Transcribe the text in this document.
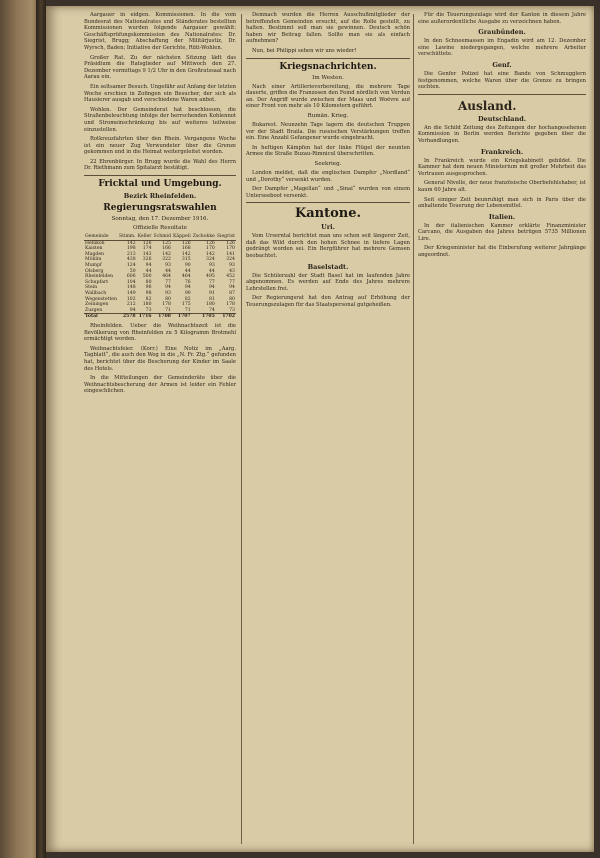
Aargauer in eidgen. Kommissionen. In die vom Bundesrat des Nationalrates und Ständerates bestellten Kommissionen wurden folgende Aargauer gewählt: Geschäftsprüfungskommission des Nationalrates: Dr. Siegrist, Brugg; Abschaffung der Militärjustiz, Dr. Wyrsch, Baden; Initiative der Gerichte, Rüti-Wohlen.

Großer Rat. Zu der nächsten Sitzung lädt das Präsidium die Ratsglieder auf Mittwoch den 27. Dezember vormittags 9 1/2 Uhr in den Großratssaal nach Aarau ein.

Ein seltsamer Besuch. Ungefähr auf Anfang der letzten Woche erschien in Zofingen ein Besucher, der sich als Hausierer ausgab und verschiedene Waren anbot.

Wohlen. Der Gemeinderat hat beschlossen, die Straßenbeleuchtung infolge der herrschenden Kohlennot und Stromeinschränkung bis auf weiteres teilweise einzustellen.

Rotkreuzfahrten über den Rhein. Vergangene Woche ist ein neuer Zug Verwundeter über die Grenze gekommen und in die Heimat weitergeleitet worden.

22 Ehrenbürger. In Brugg wurde die Wahl des Herrn Dr. Riethmann zum Spitalarzt bestätigt.

Fricktal und Umgebung.
Bezirk Rheinfelden.
Regierungsratswahlen
Sonntag, den 17. Dezember 1916.
Offizielle Resultate
Gemeinde	Stimm.	Keller	Schmid	Käppeli	Zschokke	Siegrist		
Hellikon	142	126	125	126	126	126		
Kaisten	198	174	166	168	170	170		
Magden	213	143	142	142	142	141		
Möhlin	438	326	322	315	324	324		
Mumpf	124	94	93	90	93	93		
Olsberg	50	44	44	44	44	43		
Rheinfelden	606	500	464	464	495	452		
Schupfart	104	80	77	76	77	77		
Stein	148	96	94	94	94	94		
Wallbach	149	98	93	90	91	87		
Wegenstetten	102	82	80	82	81	80		
Zeiningen	212	180	178	175	180	178		
Zuzgen	94	73	71	71	74	73		
Total	2578	1716	1708	1707	1705	1702		

Rheinfelden. Ueber die Weihnachtszeit ist die Bevölkerung von Rheinfelden zu 5 Kilogramm Brotmehl ermächtigt worden.

Weihnachtsfeier. (Korr.) Eine Notiz im „Aarg. Tagblatt“, die auch den Weg in die „N. Fr. Ztg.“ gefunden hat, berichtet über die Bescherung der Kinder im Saale des Hotels.

In die Mitteilungen der Gemeinderäte über die Weihnachtsbescherung der Armen ist leider ein Fehler eingeschlichen.

Demnach wurden die Herren Ausschußmitglieder der betreffenden Gemeinden ersucht, auf die Rolle gestellt, zu halten. Bestimmt soll man sie gewinnen. Deutsch schön haben wir Beitrag fallen. Sollte man sie als einfach aufnehmen?

Nun, bei Philippi sehen wir uns wieder!

Kriegsnachrichten.
Im Westen.

Nach einer Artillerievorbereitung, die mehrere Tage dauerte, griffen die Franzosen den Feind nördlich von Verdun an. Der Angriff wurde zwischen der Maas und Woëvre auf einer Front von mehr als 10 Kilometern geführt.

Rumän. Krieg.

Bukarest. Neunzehn Tage lagern die deutschen Truppen vor der Stadt Braila. Die russischen Verstärkungen treffen ein. Eine Anzahl Gefangener wurde eingebracht.

In heftigen Kämpfen hat der linke Flügel der neunten Armee die Straße Buzau-Rimnicul überschritten.

Seekrieg.

London meldet, daß die englischen Dampfer „Nordland“ und „Dorothy“ versenkt wurden.

Der Dampfer „Magellan“ und „Sinai“ wurden von einem Unterseeboot versenkt.

Kantone.
Uri.

Vom Urserntal berichtet man uns schon seit längerer Zeit, daß das Wild durch den hohen Schnee in tiefere Lagen gedrängt worden sei. Ein Bergführer hat mehrere Gemsen beobachtet.

Baselstadt.

Die Schülerzahl der Stadt Basel hat im laufenden Jahre abgenommen. Es werden auf Ende des Jahres mehrere Lehrstellen frei.

Der Regierungsrat hat den Antrag auf Erhöhung der Teuerungszulagen für das Staatspersonal gutgeheißen.

Für die Teuerungszulage wird der Kanton in diesem Jahre eine außerordentliche Ausgabe zu verzeichnen haben.

Graubünden.

In den Schneemassen im Engadin wird am 12. Dezember eine Lawine niedergegangen, welche mehrere Arbeiter verschüttete.

Genf.

Die Genfer Polizei hat eine Bande von Schmugglern festgenommen, welche Waren über die Grenze zu bringen suchten.

Ausland.
Deutschland.

An die Schild Zeitung des Zeitungen der hochangesehenen Kommission in Berlin werden Berichte gegeben über die Verhandlungen.

Frankreich.

In Frankreich wurde ein Kriegskabinett gebildet. Die Kammer hat dem neuen Ministerium mit großer Mehrheit das Vertrauen ausgesprochen.

General Nivelle, der neue französische Oberbefehlshaber, ist kaum 60 Jahre alt.

Seit einiger Zeit beunruhigt man sich in Paris über die anhaltende Teuerung der Lebensmittel.

Italien.

In der italienischen Kammer erklärte Finanzminister Carcano, die Ausgaben des Jahres betrügen 5735 Millionen Lire.

Der Kriegsminister hat die Einberufung weiterer Jahrgänge angeordnet.
